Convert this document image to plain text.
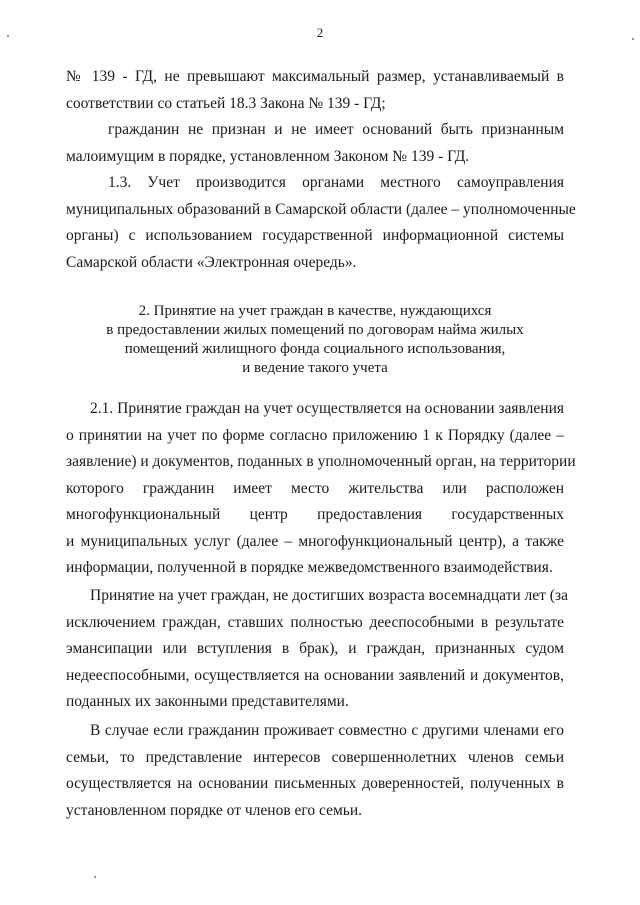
2
№ 139 - ГД, не превышают максимальный размер, устанавливаемый в
соответствии со статьей 18.3 Закона № 139 - ГД;
гражданин не признан и не имеет оснований быть признанным
малоимущим в порядке, установленном Законом № 139 - ГД.
1.3. Учет производится органами местного самоуправления
муниципальных образований в Самарской области (далее – уполномоченные
органы) с использованием государственной информационной системы
Самарской области «Электронная очередь».
2. Принятие на учет граждан в качестве, нуждающихся
в предоставлении жилых помещений по договорам найма жилых
помещений жилищного фонда социального использования,
и ведение такого учета
2.1. Принятие граждан на учет осуществляется на основании заявления
о принятии на учет по форме согласно приложению 1 к Порядку (далее –
заявление) и документов, поданных в уполномоченный орган, на территории
которого гражданин имеет место жительства или расположен
многофункциональный центр предоставления государственных
и муниципальных услуг (далее – многофункциональный центр), а также
информации, полученной в порядке межведомственного взаимодействия.
Принятие на учет граждан, не достигших возраста восемнадцати лет (за
исключением граждан, ставших полностью дееспособными в результате
эмансипации или вступления в брак), и граждан, признанных судом
недееспособными, осуществляется на основании заявлений и документов,
поданных их законными представителями.
В случае если гражданин проживает совместно с другими членами его
семьи, то представление интересов совершеннолетних членов семьи
осуществляется на основании письменных доверенностей, полученных в
установленном порядке от членов его семьи.
